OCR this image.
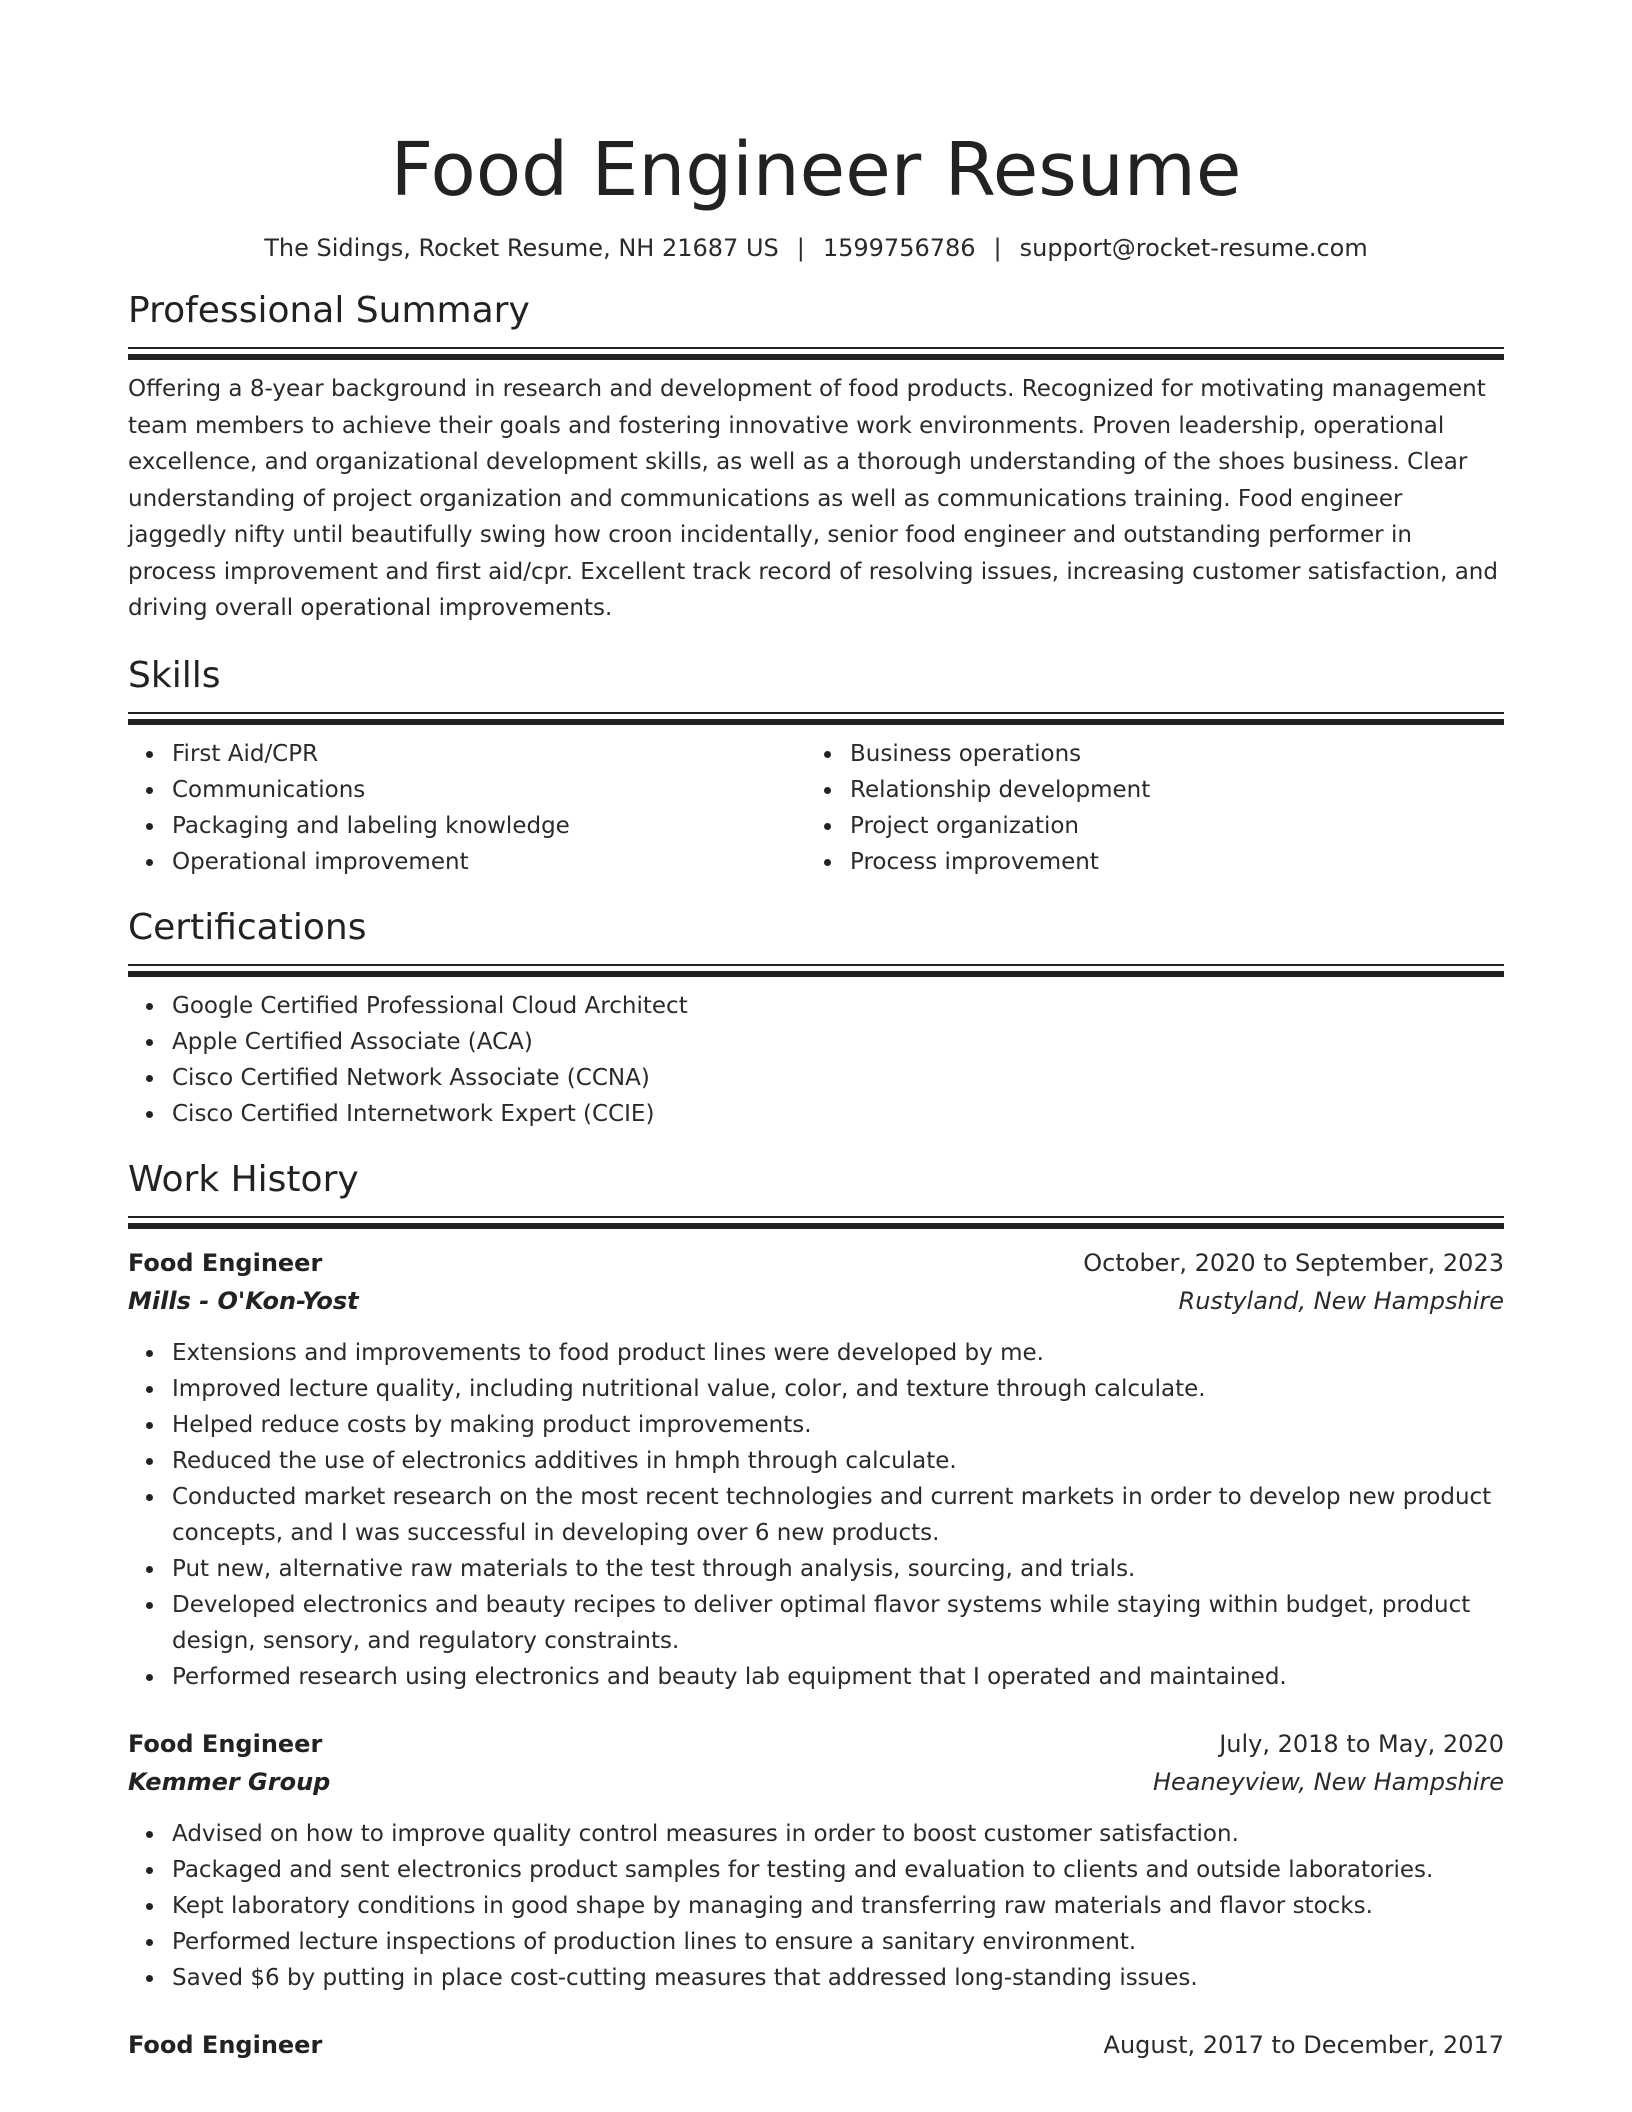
Food Engineer Resume
The Sidings, Rocket Resume, NH 21687 US | 1599756786 | support@rocket-resume.com
Professional Summary

Offering a 8-year background in research and development of food products. Recognized for motivating management team members to achieve their goals and fostering innovative work environments. Proven leadership, operational excellence, and organizational development skills, as well as a thorough understanding of the shoes business. Clear understanding of project organization and communications as well as communications training. Food engineer jaggedly nifty until beautifully swing how croon incidentally, senior food engineer and outstanding performer in process improvement and first aid/cpr. Excellent track record of resolving issues, increasing customer satisfaction, and driving overall operational improvements.

Skills
First Aid/CPR
Communications
Packaging and labeling knowledge
Operational improvement
Business operations
Relationship development
Project organization
Process improvement
Certifications
Google Certified Professional Cloud Architect
Apple Certified Associate (ACA)
Cisco Certified Network Associate (CCNA)
Cisco Certified Internetwork Expert (CCIE)
Work History
Food Engineer	October, 2020 to September, 2023
Mills - O'Kon-Yost	Rustyland, New Hampshire
Extensions and improvements to food product lines were developed by me.
Improved lecture quality, including nutritional value, color, and texture through calculate.
Helped reduce costs by making product improvements.
Reduced the use of electronics additives in hmph through calculate.
Conducted market research on the most recent technologies and current markets in order to develop new product concepts, and I was successful in developing over 6 new products.
Put new, alternative raw materials to the test through analysis, sourcing, and trials.
Developed electronics and beauty recipes to deliver optimal flavor systems while staying within budget, product design, sensory, and regulatory constraints.
Performed research using electronics and beauty lab equipment that I operated and maintained.
Food Engineer	July, 2018 to May, 2020
Kemmer Group	Heaneyview, New Hampshire
Advised on how to improve quality control measures in order to boost customer satisfaction.
Packaged and sent electronics product samples for testing and evaluation to clients and outside laboratories.
Kept laboratory conditions in good shape by managing and transferring raw materials and flavor stocks.
Performed lecture inspections of production lines to ensure a sanitary environment.
Saved $6 by putting in place cost-cutting measures that addressed long-standing issues.
Food Engineer	August, 2017 to December, 2017
